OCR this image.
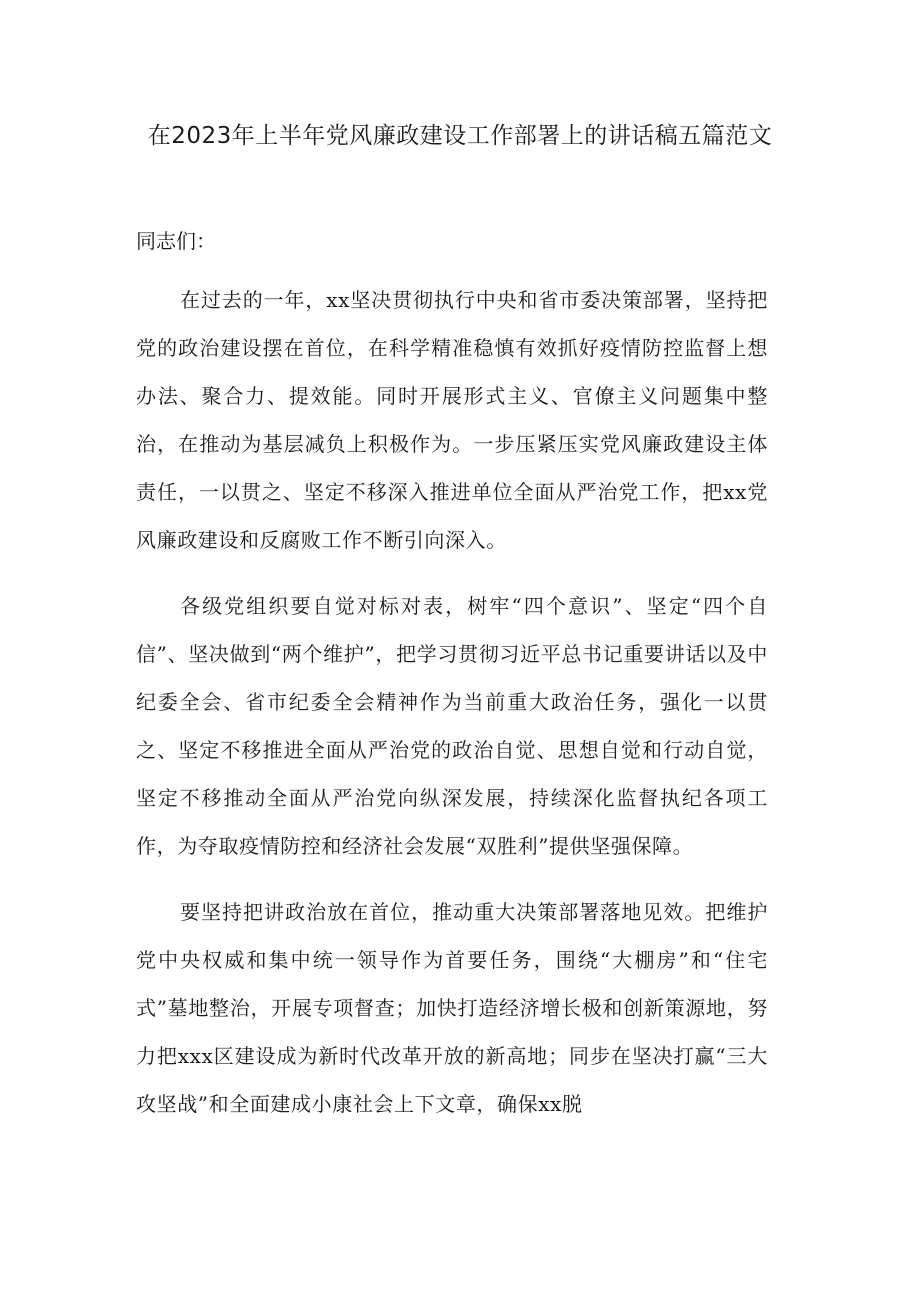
在2023年上半年党风廉政建设工作部署上的讲话稿五篇范文

同志们：

在过去的一年，xx坚决贯彻执行中央和省市委决策部署，坚持把党的政治建设摆在首位，在科学精准稳慎有效抓好疫情防控监督上想办法、聚合力、提效能。同时开展形式主义、官僚主义问题集中整治，在推动为基层减负上积极作为。一步压紧压实党风廉政建设主体责任，一以贯之、坚定不移深入推进单位全面从严治党工作，把xx党风廉政建设和反腐败工作不断引向深入。

各级党组织要自觉对标对表，树牢“四个意识”、坚定“四个自信”、坚决做到“两个维护”，把学习贯彻习近平总书记重要讲话以及中纪委全会、省市纪委全会精神作为当前重大政治任务，强化一以贯之、坚定不移推进全面从严治党的政治自觉、思想自觉和行动自觉，坚定不移推动全面从严治党向纵深发展，持续深化监督执纪各项工作，为夺取疫情防控和经济社会发展“双胜利”提供坚强保障。

要坚持把讲政治放在首位，推动重大决策部署落地见效。把维护党中央权威和集中统一领导作为首要任务，围绕“大棚房”和“住宅式”墓地整治，开展专项督查；加快打造经济增长极和创新策源地，努力把xxx区建设成为新时代改革开放的新高地；同步在坚决打赢“三大攻坚战”和全面建成小康社会上下文章，确保xx脱
